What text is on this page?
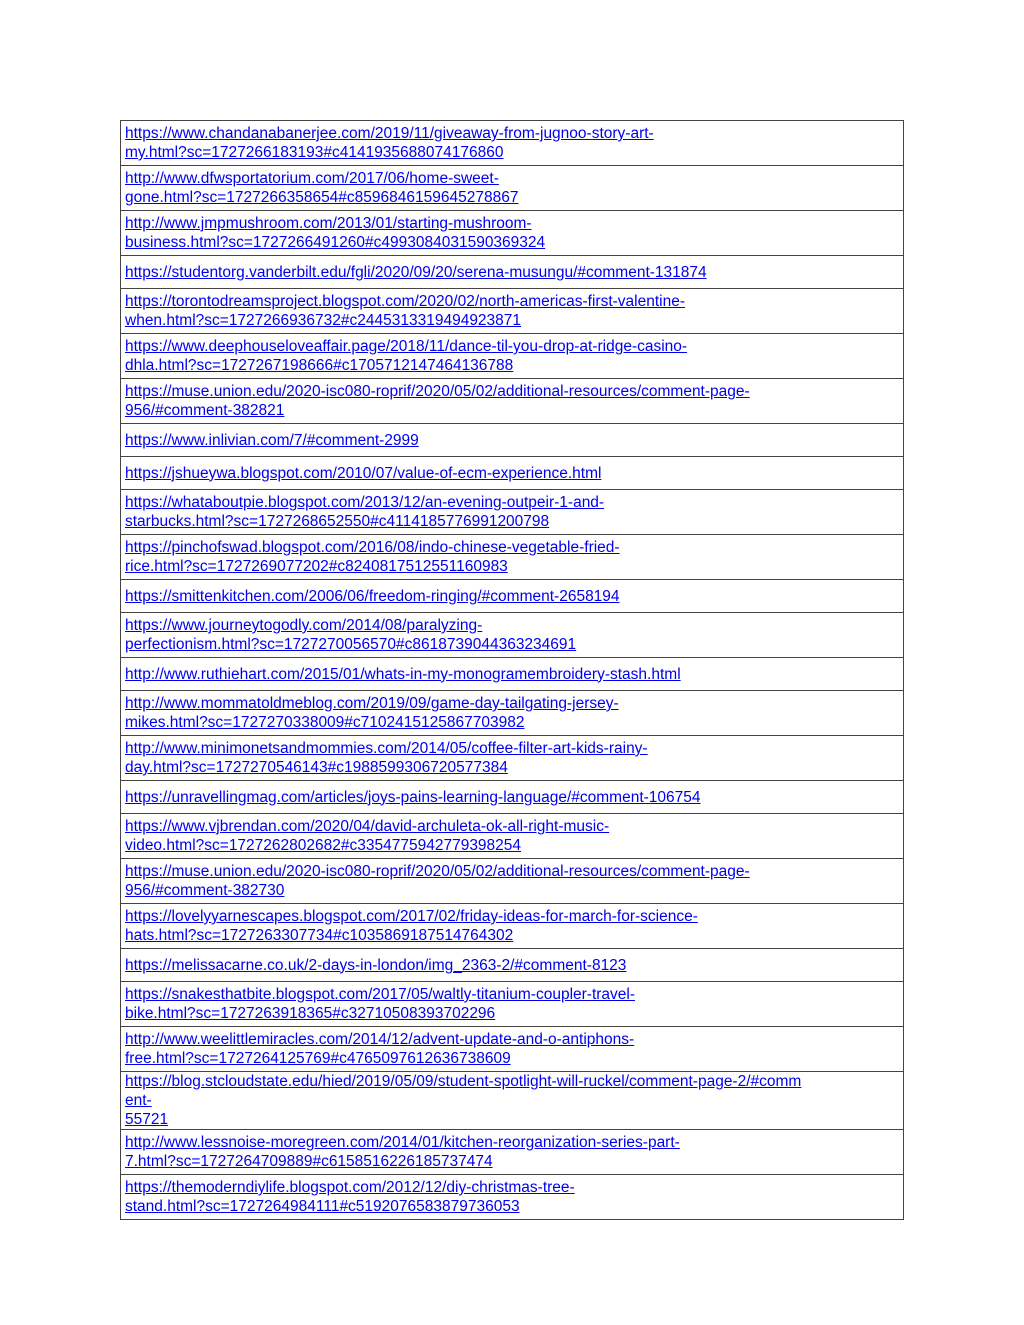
https://www.chandanabanerjee.com/2019/11/giveaway-from-jugnoo-story-art-
my.html?sc=1727266183193#c4141935688074176860

http://www.dfwsportatorium.com/2017/06/home-sweet-
gone.html?sc=1727266358654#c8596846159645278867

http://www.jmpmushroom.com/2013/01/starting-mushroom-
business.html?sc=1727266491260#c4993084031590369324

https://studentorg.vanderbilt.edu/fgli/2020/09/20/serena-musungu/#comment-131874

https://torontodreamsproject.blogspot.com/2020/02/north-americas-first-valentine-
when.html?sc=1727266936732#c2445313319494923871

https://www.deephouseloveaffair.page/2018/11/dance-til-you-drop-at-ridge-casino-
dhla.html?sc=1727267198666#c1705712147464136788

https://muse.union.edu/2020-isc080-roprif/2020/05/02/additional-resources/comment-page-
956/#comment-382821

https://www.inlivian.com/7/#comment-2999

https://jshueywa.blogspot.com/2010/07/value-of-ecm-experience.html

https://whataboutpie.blogspot.com/2013/12/an-evening-outpeir-1-and-
starbucks.html?sc=1727268652550#c4114185776991200798

https://pinchofswad.blogspot.com/2016/08/indo-chinese-vegetable-fried-
rice.html?sc=1727269077202#c8240817512551160983

https://smittenkitchen.com/2006/06/freedom-ringing/#comment-2658194

https://www.journeytogodly.com/2014/08/paralyzing-
perfectionism.html?sc=1727270056570#c8618739044363234691

http://www.ruthiehart.com/2015/01/whats-in-my-monogramembroidery-stash.html

http://www.mommatoldmeblog.com/2019/09/game-day-tailgating-jersey-
mikes.html?sc=1727270338009#c7102415125867703982

http://www.minimonetsandmommies.com/2014/05/coffee-filter-art-kids-rainy-
day.html?sc=1727270546143#c1988599306720577384

https://unravellingmag.com/articles/joys-pains-learning-language/#comment-106754

https://www.vjbrendan.com/2020/04/david-archuleta-ok-all-right-music-
video.html?sc=1727262802682#c3354775942779398254

https://muse.union.edu/2020-isc080-roprif/2020/05/02/additional-resources/comment-page-
956/#comment-382730

https://lovelyyarnescapes.blogspot.com/2017/02/friday-ideas-for-march-for-science-
hats.html?sc=1727263307734#c1035869187514764302

https://melissacarne.co.uk/2-days-in-london/img_2363-2/#comment-8123

https://snakesthatbite.blogspot.com/2017/05/waltly-titanium-coupler-travel-
bike.html?sc=1727263918365#c32710508393702296

http://www.weelittlemiracles.com/2014/12/advent-update-and-o-antiphons-
free.html?sc=1727264125769#c4765097612636738609

https://blog.stcloudstate.edu/hied/2019/05/09/student-spotlight-will-ruckel/comment-page-2/#comment-
55721

http://www.lessnoise-moregreen.com/2014/01/kitchen-reorganization-series-part-
7.html?sc=1727264709889#c6158516226185737474

https://themoderndiylife.blogspot.com/2012/12/diy-christmas-tree-
stand.html?sc=1727264984111#c5192076583879736053
